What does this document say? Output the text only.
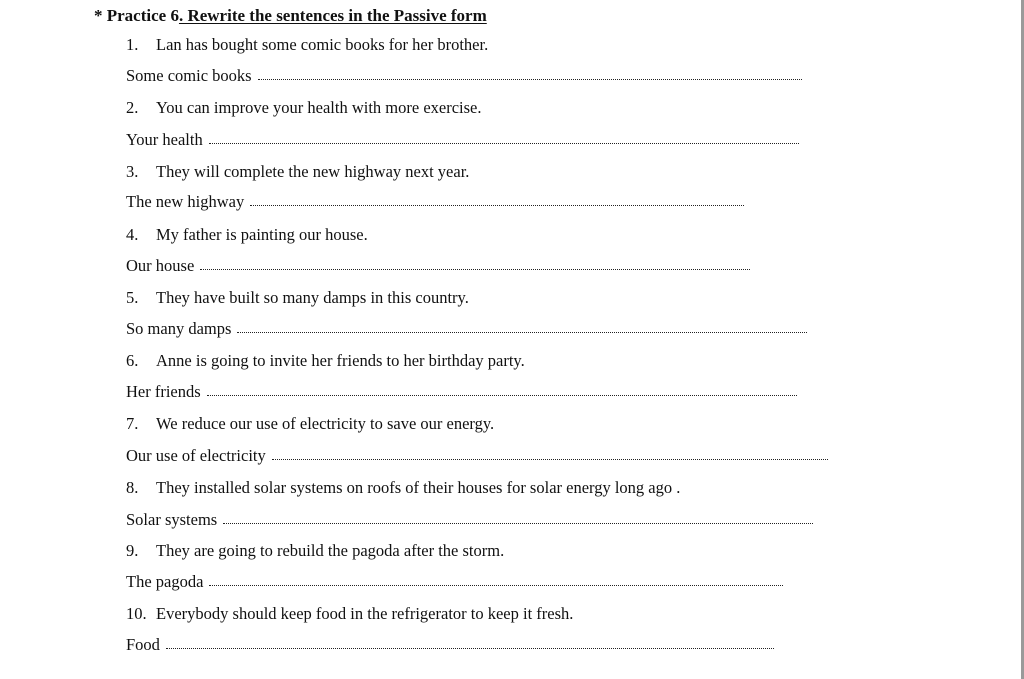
* Practice 6. Rewrite the sentences in the Passive form
1. Lan has bought some comic books for her brother.
Some comic books
2. You can improve your health with more exercise.
Your health
3. They will complete the new highway next year.
The new highway
4. My father is painting our house.
Our house
5. They have built so many damps in this country.
So many damps
6. Anne is going to invite her friends to her birthday party.
Her friends
7. We reduce our use of electricity to save our energy.
Our use of electricity
8. They installed solar systems on roofs of their houses for solar energy long ago .
Solar systems
9. They are going to rebuild the pagoda after the storm.
The pagoda
10. Everybody should keep food in the refrigerator to keep it fresh.
Food
